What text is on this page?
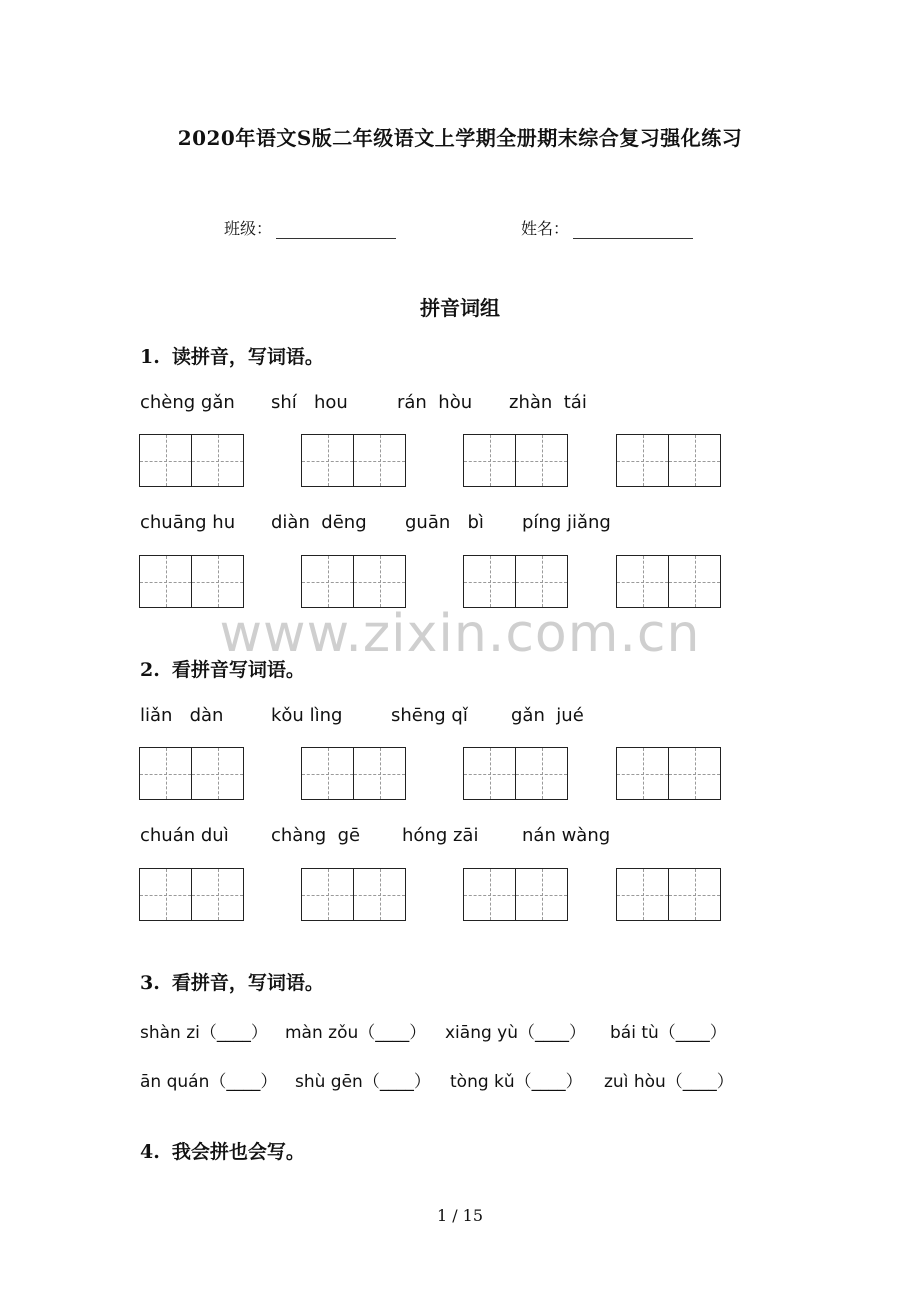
2020年语文S版二年级语文上学期全册期末综合复习强化练习
班级：	姓名：
拼音词组
1. 读拼音，写词语。
chèng gǎn shí   hou	rán  hòu zhàn  tái
chuāng hu diàn  dēng guān   bì píng jiǎng
www.zixin.com.cn
2. 看拼音写词语。
liǎn   dàn	kǒu lìng	shēng qǐ gǎn  jué
chuán duì chàng  gē hóng zāi nán wàng
3. 看拼音，写词语。
shàn zi（____） màn zǒu（____） xiāng yù（____） bái tù（____）
ān quán（____） shù gēn（____） tòng kǔ（____） zuì hòu（____）
4. 我会拼也会写。
1 / 15
